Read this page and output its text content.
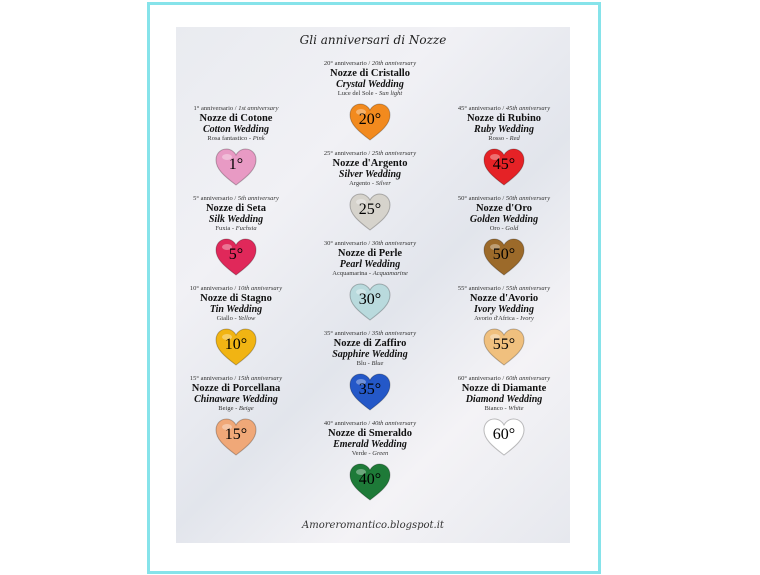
Gli anniversari di Nozze
1° anniversario / 1st anniversary
Nozze di Cotone
Cotton Wedding
Rosa fantastico - Pink
1°
5° anniversario / 5th anniversary
Nozze di Seta
Silk Wedding
Fuxia - Fuchsia
5°
10° anniversario / 10th anniversary
Nozze di Stagno
Tin Wedding
Giallo - Yellow
10°
15° anniversario / 15th anniversary
Nozze di Porcellana
Chinaware Wedding
Beige - Beige
15°
20° anniversario / 20th anniversary
Nozze di Cristallo
Crystal Wedding
Luce del Sole - Sun light
20°
25° anniversario / 25th anniversary
Nozze d'Argento
Silver Wedding
Argento - Silver
25°
30° anniversario / 30th anniversary
Nozze di Perle
Pearl Wedding
Acquamarina - Acquamarine
30°
35° anniversario / 35th anniversary
Nozze di Zaffiro
Sapphire Wedding
Blu - Blue
35°
40° anniversario / 40th anniversary
Nozze di Smeraldo
Emerald Wedding
Verde - Green
40°
45° anniversario / 45th anniversary
Nozze di Rubino
Ruby Wedding
Rosso - Red
45°
50° anniversario / 50th anniversary
Nozze d'Oro
Golden Wedding
Oro - Gold
50°
55° anniversario / 55th anniversary
Nozze d'Avorio
Ivory Wedding
Avorio d'Africa - Ivory
55°
60° anniversario / 60th anniversary
Nozze di Diamante
Diamond Wedding
Bianco - White
60°
Amoreromantico.blogspot.it
